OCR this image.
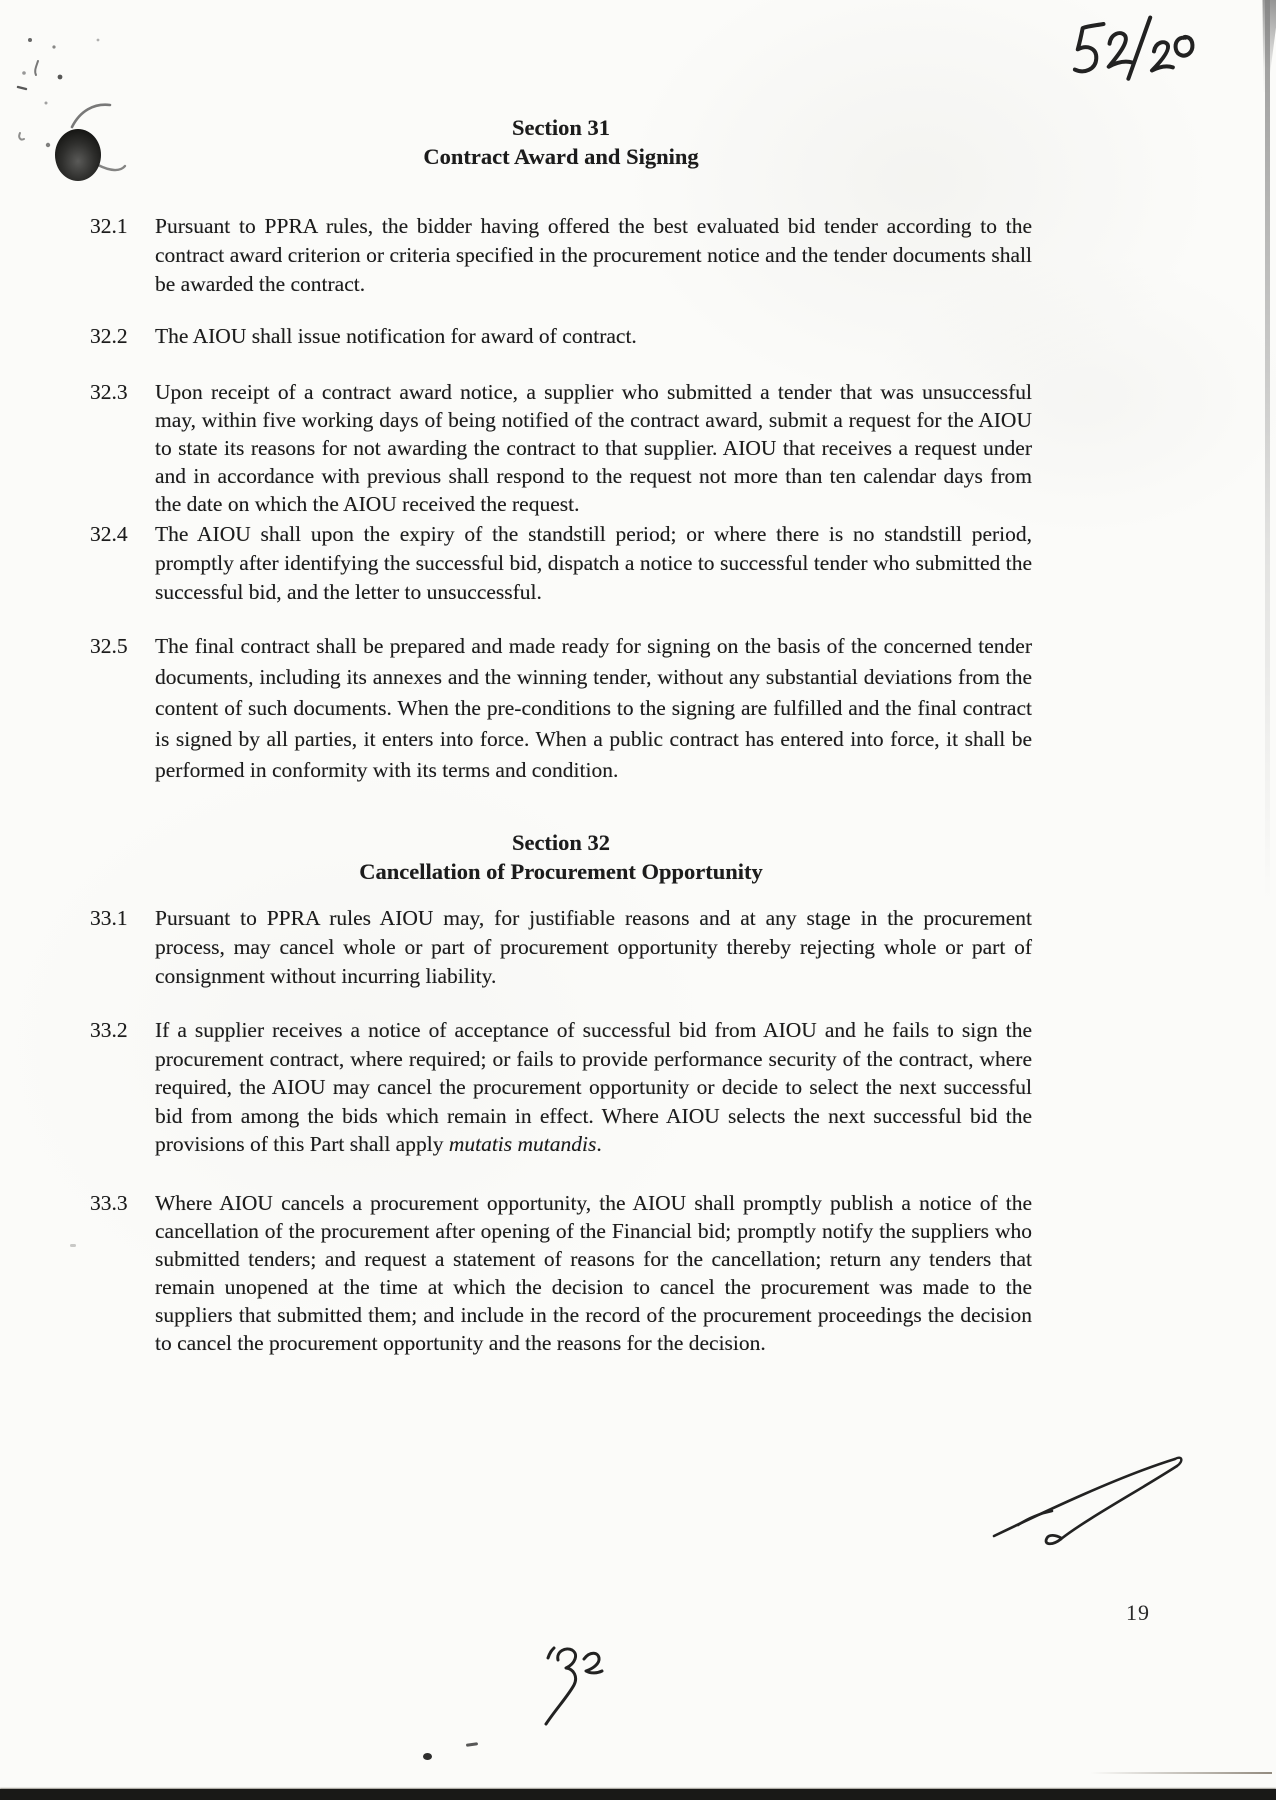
Section 31
Contract Award and Signing
32.1	Pursuant to PPRA rules, the bidder having offered the best evaluated bid tender according to the contract award criterion or criteria specified in the procurement notice and the tender documents shall be awarded the contract.

32.2	The AIOU shall issue notification for award of contract.

32.3	Upon receipt of a contract award notice, a supplier who submitted a tender that was unsuccessful may, within five working days of being notified of the contract award, submit a request for the AIOU to state its reasons for not awarding the contract to that supplier. AIOU that receives a request under and in accordance with previous shall respond to the request not more than ten calendar days from the date on which the AIOU received the request.

32.4	The AIOU shall upon the expiry of the standstill period; or where there is no standstill period, promptly after identifying the successful bid, dispatch a notice to successful tender who submitted the successful bid, and the letter to unsuccessful.

32.5	The final contract shall be prepared and made ready for signing on the basis of the concerned tender documents, including its annexes and the winning tender, without any substantial deviations from the content of such documents. When the pre-conditions to the signing are fulfilled and the final contract is signed by all parties, it enters into force. When a public contract has entered into force, it shall be performed in conformity with its terms and condition.

Section 32
Cancellation of Procurement Opportunity
33.1	Pursuant to PPRA rules AIOU may, for justifiable reasons and at any stage in the procurement process, may cancel whole or part of procurement opportunity thereby rejecting whole or part of consignment without incurring liability.

33.2	If a supplier receives a notice of acceptance of successful bid from AIOU and he fails to sign the procurement contract, where required; or fails to provide performance security of the contract, where required, the AIOU may cancel the procurement opportunity or decide to select the next successful bid from among the bids which remain in effect. Where AIOU selects the next successful bid the provisions of this Part shall apply mutatis mutandis.

33.3	Where AIOU cancels a procurement opportunity, the AIOU shall promptly publish a notice of the cancellation of the procurement after opening of the Financial bid; promptly notify the suppliers who submitted tenders; and request a statement of reasons for the cancellation; return any tenders that remain unopened at the time at which the decision to cancel the procurement was made to the suppliers that submitted them; and include in the record of the procurement proceedings the decision to cancel the procurement opportunity and the reasons for the decision.

19
